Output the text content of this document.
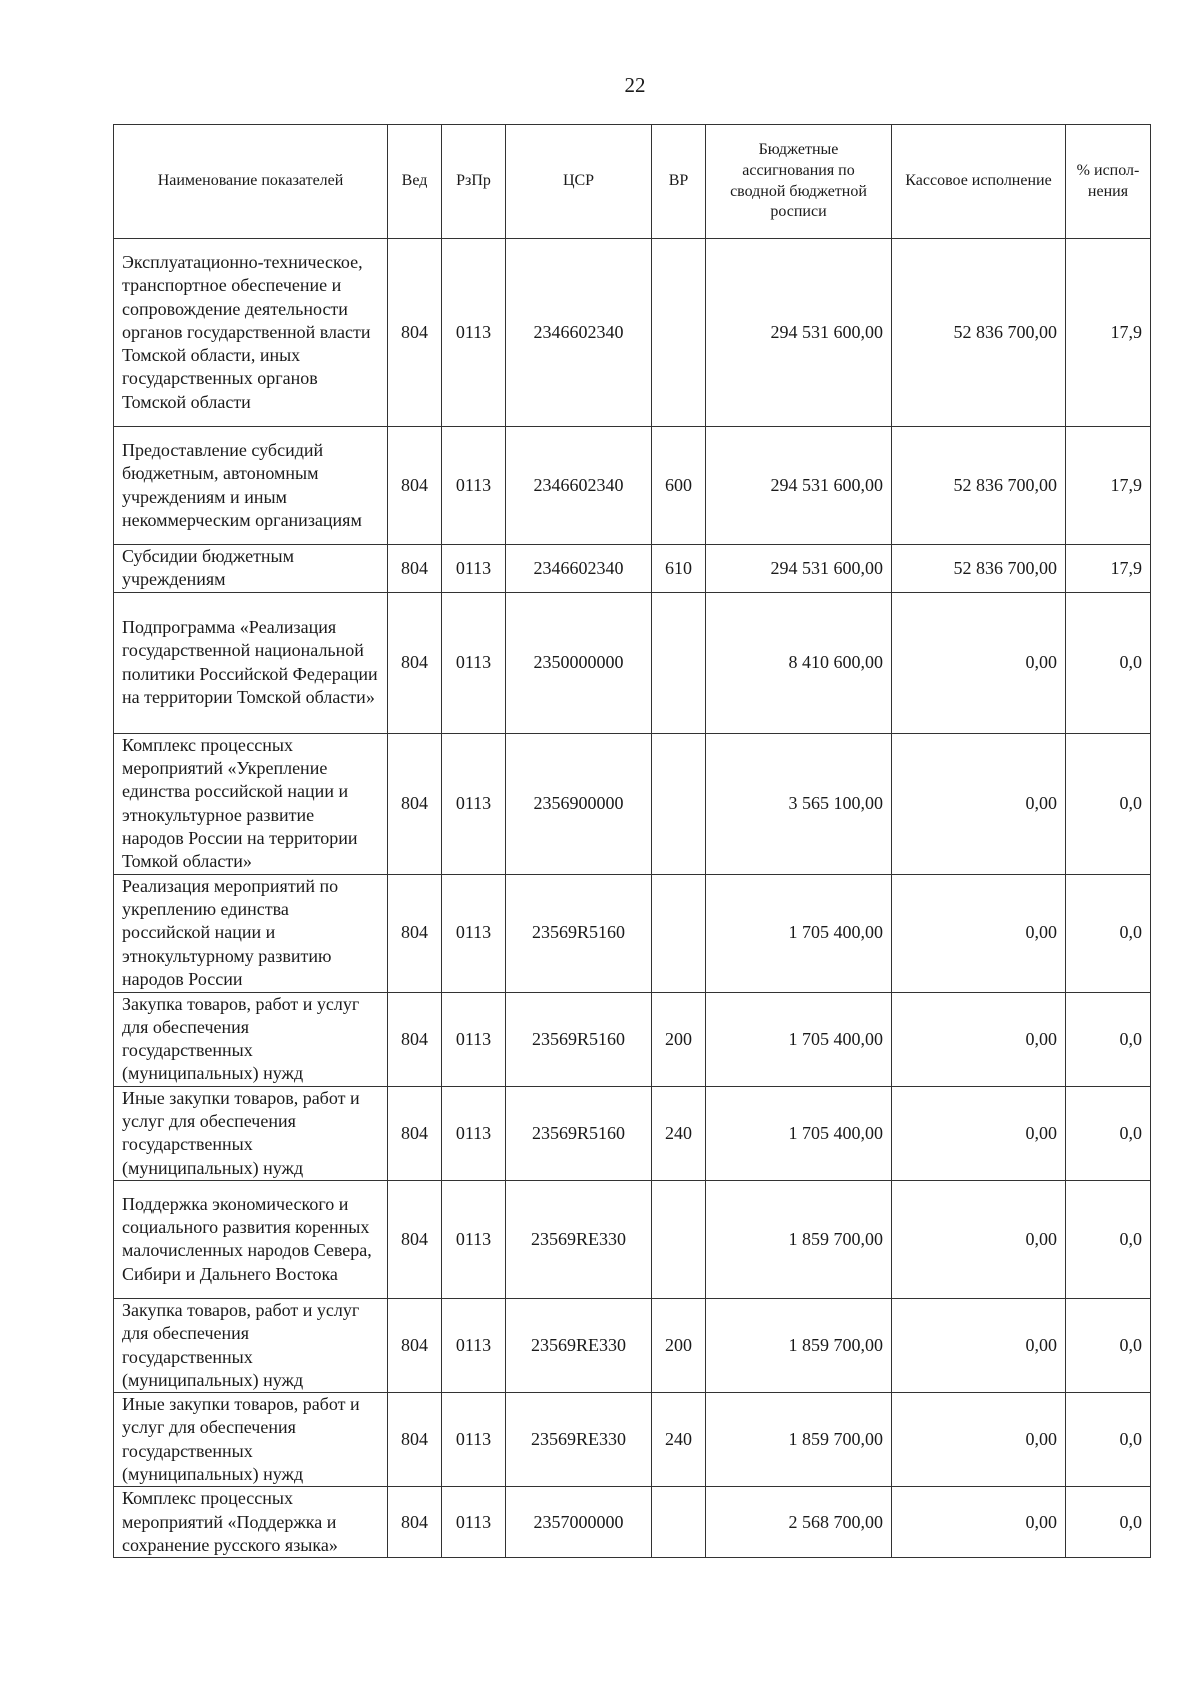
22
Наименование показателей	Вед	РзПр	ЦСР	ВР	Бюджетные ассигнования по сводной бюджетной росписи	Кассовое исполнение	% испол-нения
Эксплуатационно-техническое, транспортное обеспечение и сопровождение деятельности органов государственной власти Томской области, иных государственных органов Томской области	804	0113	2346602340		294 531 600,00	52 836 700,00	17,9
Предоставление субсидий бюджетным, автономным учреждениям и иным некоммерческим организациям	804	0113	2346602340	600	294 531 600,00	52 836 700,00	17,9
Субсидии бюджетным учреждениям	804	0113	2346602340	610	294 531 600,00	52 836 700,00	17,9
Подпрограмма «Реализация государственной национальной политики Российской Федерации на территории Томской области»	804	0113	2350000000		8 410 600,00	0,00	0,0
Комплекс процессных мероприятий «Укрепление единства российской нации и этнокультурное развитие народов России на территории Томкой области»	804	0113	2356900000		3 565 100,00	0,00	0,0
Реализация мероприятий по укреплению единства российской нации и этнокультурному развитию народов России	804	0113	23569R5160		1 705 400,00	0,00	0,0
Закупка товаров, работ и услуг для обеспечения государственных (муниципальных) нужд	804	0113	23569R5160	200	1 705 400,00	0,00	0,0
Иные закупки товаров, работ и услуг для обеспечения государственных (муниципальных) нужд	804	0113	23569R5160	240	1 705 400,00	0,00	0,0
Поддержка экономического и социального развития коренных малочисленных народов Севера, Сибири и Дальнего Востока	804	0113	23569RE330		1 859 700,00	0,00	0,0
Закупка товаров, работ и услуг для обеспечения государственных (муниципальных) нужд	804	0113	23569RE330	200	1 859 700,00	0,00	0,0
Иные закупки товаров, работ и услуг для обеспечения государственных (муниципальных) нужд	804	0113	23569RE330	240	1 859 700,00	0,00	0,0
Комплекс процессных мероприятий «Поддержка и сохранение русского языка»	804	0113	2357000000		2 568 700,00	0,00	0,0
